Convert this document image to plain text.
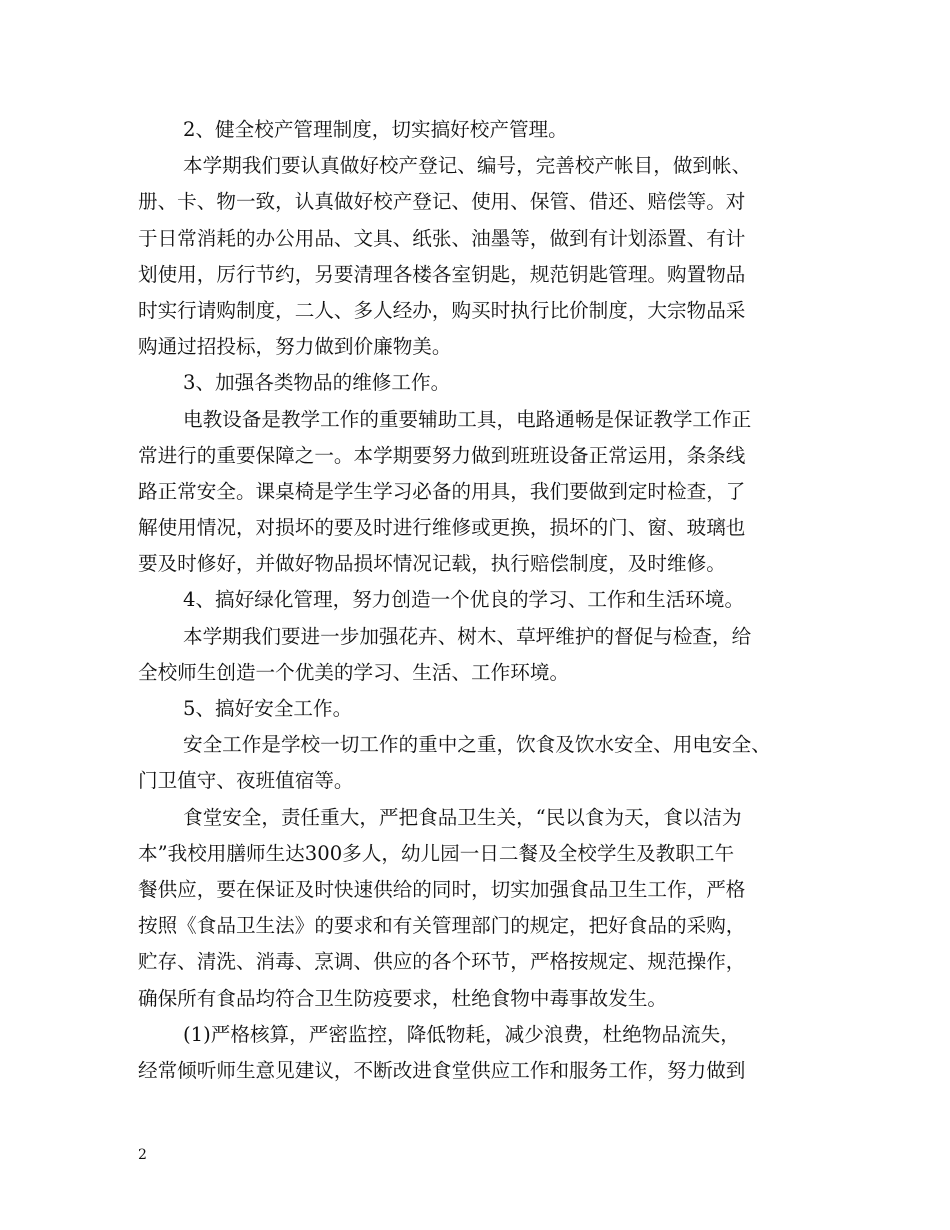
2、健全校产管理制度，切实搞好校产管理。
本学期我们要认真做好校产登记、编号，完善校产帐目，做到帐、
册、卡、物一致，认真做好校产登记、使用、保管、借还、赔偿等。对
于日常消耗的办公用品、文具、纸张、油墨等，做到有计划添置、有计
划使用，厉行节约，另要清理各楼各室钥匙，规范钥匙管理。购置物品
时实行请购制度，二人、多人经办，购买时执行比价制度，大宗物品采
购通过招投标，努力做到价廉物美。
3、加强各类物品的维修工作。
电教设备是教学工作的重要辅助工具，电路通畅是保证教学工作正
常进行的重要保障之一。本学期要努力做到班班设备正常运用，条条线
路正常安全。课桌椅是学生学习必备的用具，我们要做到定时检查，了
解使用情况，对损坏的要及时进行维修或更换，损坏的门、窗、玻璃也
要及时修好，并做好物品损坏情况记载，执行赔偿制度，及时维修。
4、搞好绿化管理，努力创造一个优良的学习、工作和生活环境。
本学期我们要进一步加强花卉、树木、草坪维护的督促与检查，给
全校师生创造一个优美的学习、生活、工作环境。
5、搞好安全工作。
安全工作是学校一切工作的重中之重，饮食及饮水安全、用电安全、
门卫值守、夜班值宿等。
食堂安全，责任重大，严把食品卫生关，“民以食为天，食以洁为
本”我校用膳师生达300多人，幼儿园一日二餐及全校学生及教职工午
餐供应，要在保证及时快速供给的同时，切实加强食品卫生工作，严格
按照《食品卫生法》的要求和有关管理部门的规定，把好食品的采购，
贮存、清洗、消毒、烹调、供应的各个环节，严格按规定、规范操作，
确保所有食品均符合卫生防疫要求，杜绝食物中毒事故发生。
(1)严格核算，严密监控，降低物耗，减少浪费，杜绝物品流失，
经常倾听师生意见建议，不断改进食堂供应工作和服务工作，努力做到
2
